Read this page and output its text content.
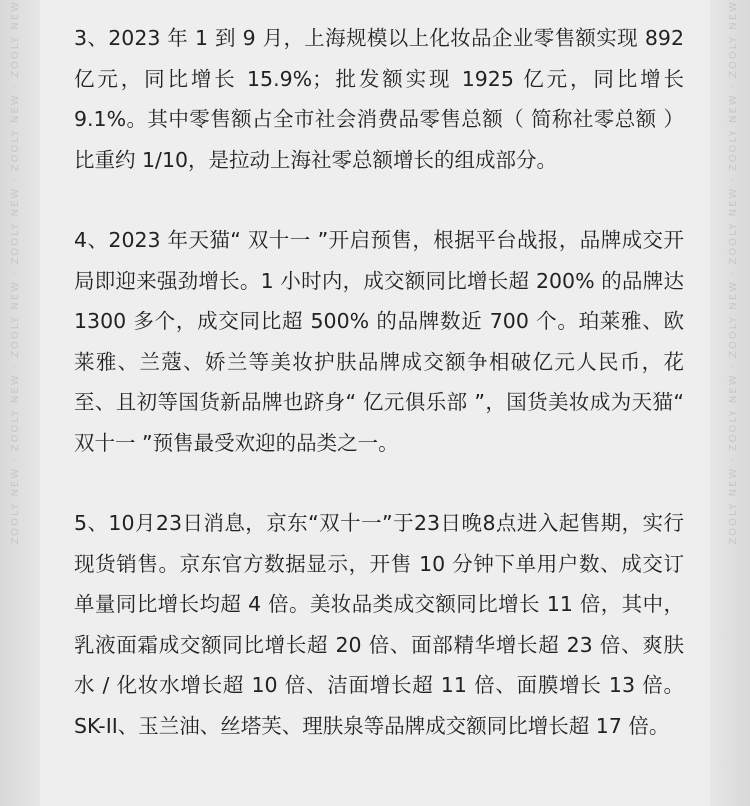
ZOOLY NEW · ZOOLY NEW · ZOOLY NEW · ZOOLY NEW · ZOOLY NEW · ZOOLY NEW	ZOOLY NEW · ZOOLY NEW · ZOOLY NEW · ZOOLY NEW · ZOOLY NEW · ZOOLY NEW

3、2023 年 1 到 9 月，上海规模以上化妆品企业零售额实现 892 亿元，同比增长 15.9%；批发额实现 1925 亿元，同比增长 9.1%。其中零售额占全市社会消费品零售总额（ 简称社零总额 ）比重约 1/10，是拉动上海社零总额增长的组成部分。

4、2023 年天猫“ 双十一 ”开启预售，根据平台战报，品牌成交开局即迎来强劲增长。1 小时内，成交额同比增长超 200% 的品牌达 1300 多个，成交同比超 500% 的品牌数近 700 个。珀莱雅、欧莱雅、兰蔻、娇兰等美妆护肤品牌成交额争相破亿元人民币，花至、且初等国货新品牌也跻身“ 亿元俱乐部 ”，国货美妆成为天猫“ 双十一 ”预售最受欢迎的品类之一。

5、10月23日消息，京东“双十一”于23日晚8点进入起售期，实行现货销售。京东官方数据显示，开售 10 分钟下单用户数、成交订单量同比增长均超 4 倍。美妆品类成交额同比增长 11 倍，其中，乳液面霜成交额同比增长超 20 倍、面部精华增长超 23 倍、爽肤水 / 化妆水增长超 10 倍、洁面增长超 11 倍、面膜增长 13 倍。SK-II、玉兰油、丝塔芙、理肤泉等品牌成交额同比增长超 17 倍。
